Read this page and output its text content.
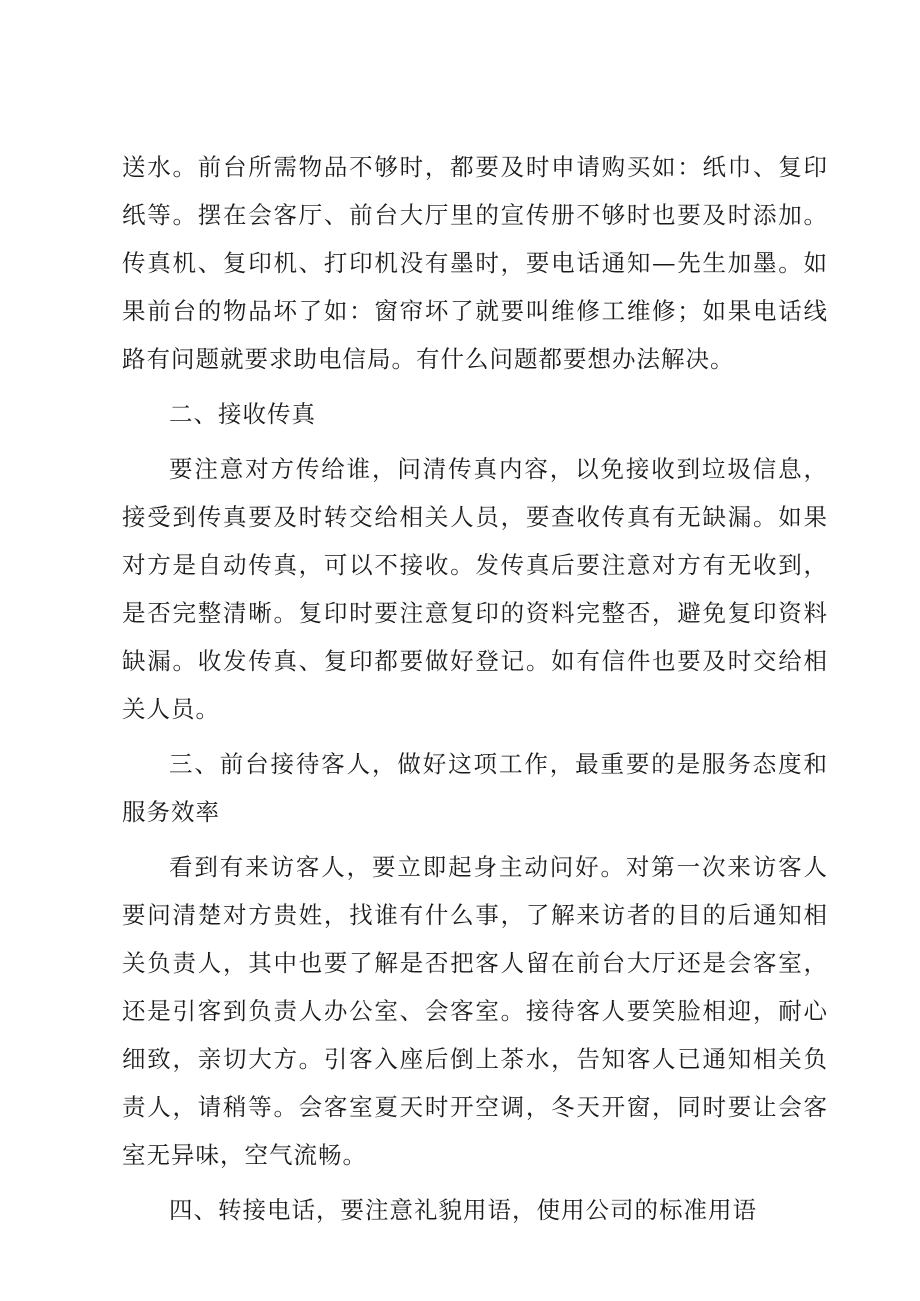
送水。前台所需物品不够时，都要及时申请购买如：纸巾、复印纸等。摆在会客厅、前台大厅里的宣传册不够时也要及时添加。传真机、复印机、打印机没有墨时，要电话通知—先生加墨。如果前台的物品坏了如：窗帘坏了就要叫维修工维修；如果电话线路有问题就要求助电信局。有什么问题都要想办法解决。

二、接收传真

要注意对方传给谁，问清传真内容，以免接收到垃圾信息，接受到传真要及时转交给相关人员，要查收传真有无缺漏。如果对方是自动传真，可以不接收。发传真后要注意对方有无收到，是否完整清晰。复印时要注意复印的资料完整否，避免复印资料缺漏。收发传真、复印都要做好登记。如有信件也要及时交给相关人员。

三、前台接待客人，做好这项工作，最重要的是服务态度和服务效率

看到有来访客人，要立即起身主动问好。对第一次来访客人要问清楚对方贵姓，找谁有什么事，了解来访者的目的后通知相关负责人，其中也要了解是否把客人留在前台大厅还是会客室，还是引客到负责人办公室、会客室。接待客人要笑脸相迎，耐心细致，亲切大方。引客入座后倒上茶水，告知客人已通知相关负责人，请稍等。会客室夏天时开空调，冬天开窗，同时要让会客室无异味，空气流畅。

四、转接电话，要注意礼貌用语，使用公司的标准用语
